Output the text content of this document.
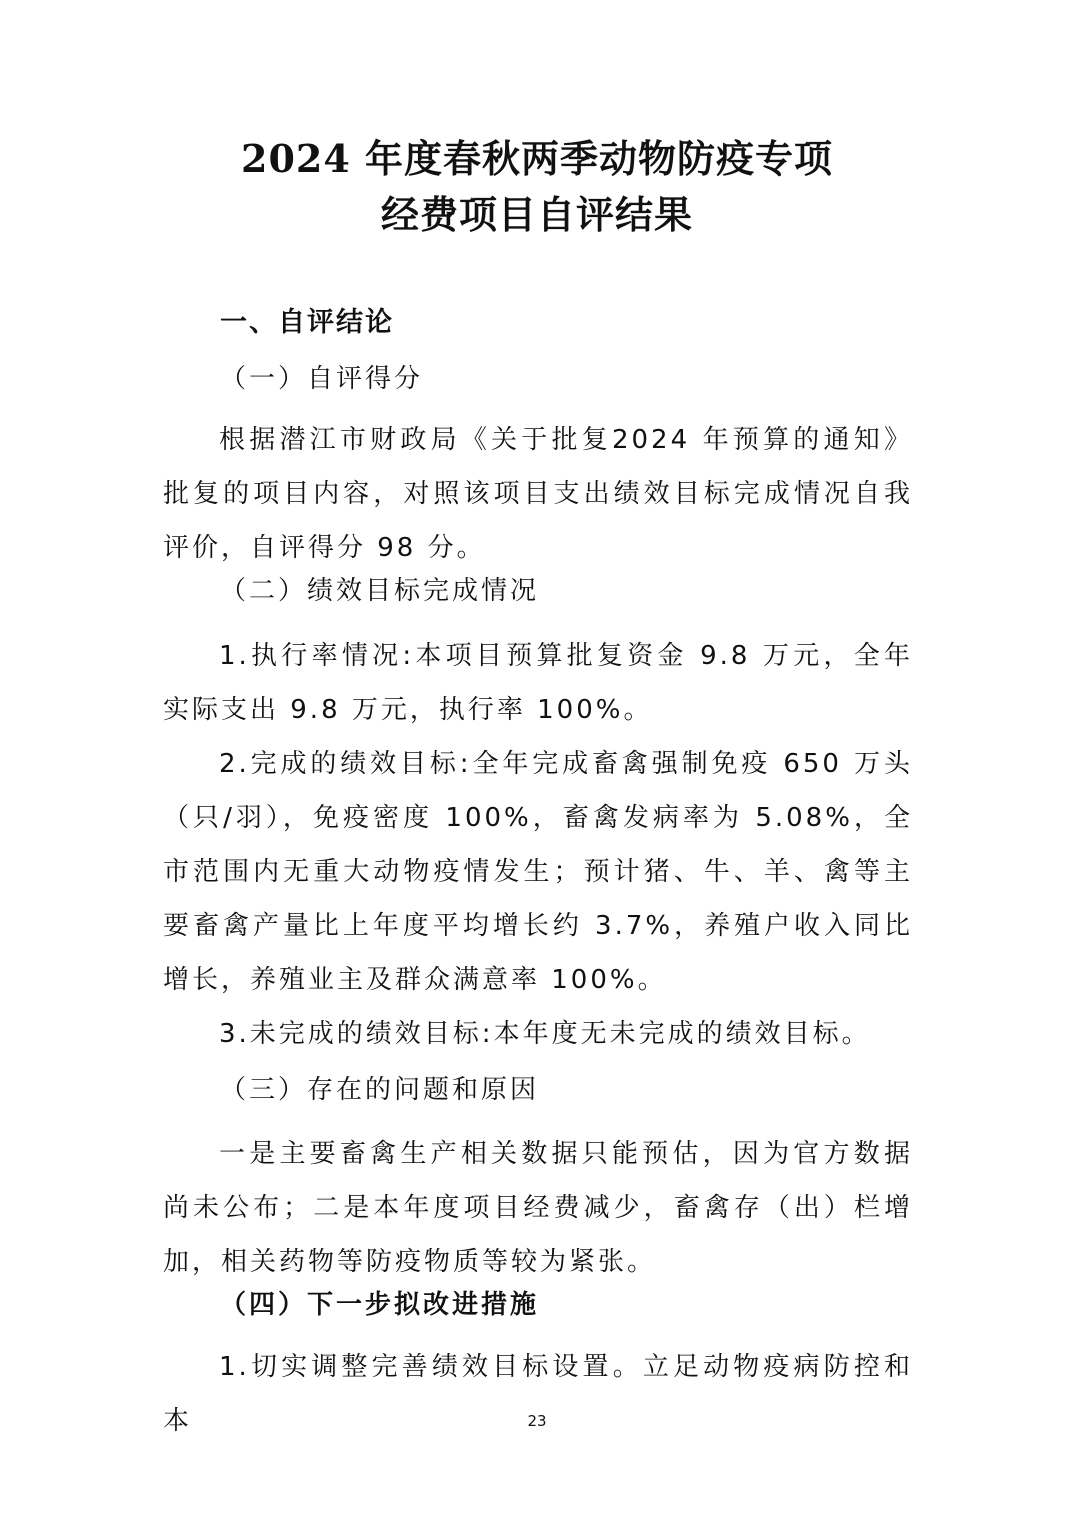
2024 年度春秋两季动物防疫专项
经费项目自评结果
一、自评结论
（一）自评得分

根据潜江市财政局《关于批复2024 年预算的通知》批复的项目内容，对照该项目支出绩效目标完成情况自我评价，自评得分 98 分。

（二）绩效目标完成情况

1.执行率情况:本项目预算批复资金 9.8 万元，全年实际支出 9.8 万元，执行率 100%。

2.完成的绩效目标:全年完成畜禽强制免疫 650 万头（只/羽），免疫密度 100%，畜禽发病率为 5.08%，全市范围内无重大动物疫情发生；预计猪、牛、羊、禽等主要畜禽产量比上年度平均增长约 3.7%，养殖户收入同比增长，养殖业主及群众满意率 100%。

3.未完成的绩效目标:本年度无未完成的绩效目标。

（三）存在的问题和原因

一是主要畜禽生产相关数据只能预估，因为官方数据尚未公布；二是本年度项目经费减少，畜禽存（出）栏增加，相关药物等防疫物质等较为紧张。

（四）下一步拟改进措施

1.切实调整完善绩效目标设置。立足动物疫病防控和本	23
